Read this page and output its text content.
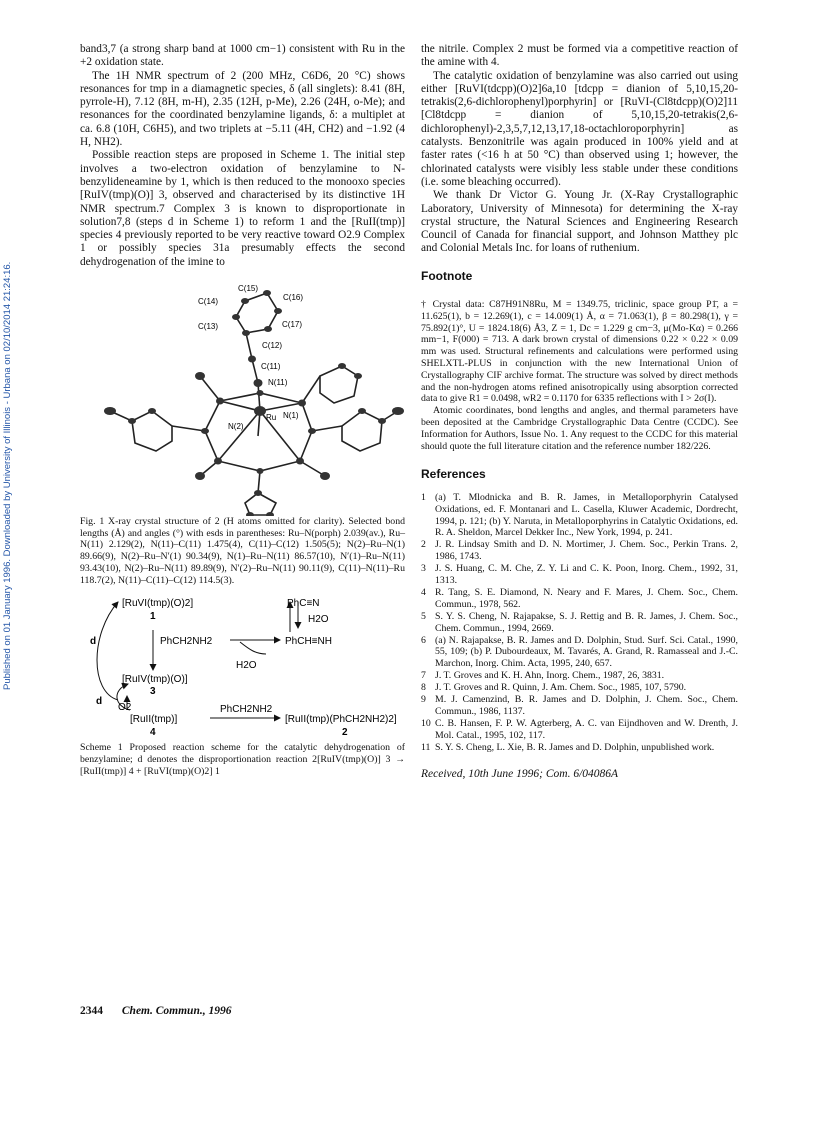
Published on 01 January 1996. Downloaded by University of Illinois - Urbana on 02/10/2014 21:24:16.

band3,7 (a strong sharp band at 1000 cm−1) consistent with Ru in the +2 oxidation state.

The 1H NMR spectrum of 2 (200 MHz, C6D6, 20 °C) shows resonances for tmp in a diamagnetic species, δ (all singlets): 8.41 (8H, pyrrole-H), 7.12 (8H, m-H), 2.35 (12H, p-Me), 2.26 (24H, o-Me); and resonances for the coordinated benzylamine ligands, δ: a multiplet at ca. 6.8 (10H, C6H5), and two triplets at −5.11 (4H, CH2) and −1.92 (4 H, NH2).

Possible reaction steps are proposed in Scheme 1. The initial step involves a two-electron oxidation of benzylamine to N-benzylideneamine by 1, which is then reduced to the monooxo species [RuIV(tmp)(O)] 3, observed and characterised by its distinctive 1H NMR spectrum.7 Complex 3 is known to disproportionate in solution7,8 (steps d in Scheme 1) to reform 1 and the [RuII(tmp)] species 4 previously reported to be very reactive toward O2.9 Complex 1 or possibly species 31a presumably effects the second dehydrogenation of the imine to

C(15)
C(14)	C(16)
C(13)	C(17)
C(12)
C(11)
N(11)
N(1)
Ru
N(2)

Fig. 1 X-ray crystal structure of 2 (H atoms omitted for clarity). Selected bond lengths (Å) and angles (°) with esds in parentheses: Ru–N(porph) 2.039(av.), Ru–N(11) 2.129(2), N(11)–C(11) 1.475(4), C(11)–C(12) 1.505(5); N(2)–Ru–N(1) 89.66(9), N(2)–Ru–N′(1) 90.34(9), N(1)–Ru–N(11) 86.57(10), N′(1)–Ru–N(11) 93.43(10), N(2)–Ru–N(11) 89.89(9), N′(2)–Ru–N(11) 90.11(9), C(11)–N(11)–Ru 118.7(2), N(11)–C(11)–C(12) 114.5(3).

[RuVI(tmp)(O)2]
1
PhCH2NH2
PhC≡N
H2O
PhCH≡NH
H2O
[RuIV(tmp)(O)]
3
d
d
O2	PhCH2NH2
[RuII(tmp)]
4
[RuII(tmp)(PhCH2NH2)2]
2

Scheme 1 Proposed reaction scheme for the catalytic dehydrogenation of benzylamine; d denotes the disproportionation reaction 2[RuIV(tmp)(O)] 3 → [RuII(tmp)] 4 + [RuVI(tmp)(O)2] 1

the nitrile. Complex 2 must be formed via a competitive reaction of the amine with 4.

The catalytic oxidation of benzylamine was also carried out using either [RuVI(tdcpp)(O)2]6a,10 [tdcpp = dianion of 5,10,15,20-tetrakis(2,6-dichlorophenyl)porphyrin] or [RuVI-(Cl8tdcpp)(O)2]11 [Cl8tdcpp = dianion of 5,10,15,20-tetrakis(2,6-dichlorophenyl)-2,3,5,7,12,13,17,18-octachloroporphyrin] as catalysts. Benzonitrile was again produced in 100% yield and at faster rates (<16 h at 50 °C) than observed using 1; however, the chlorinated catalysts were visibly less stable under these conditions (i.e. some bleaching occurred).

We thank Dr Victor G. Young Jr. (X-Ray Crystallographic Laboratory, University of Minnesota) for determining the X-ray crystal structure, the Natural Sciences and Engineering Research Council of Canada for financial support, and Johnson Matthey plc and Colonial Metals Inc. for loans of ruthenium.

Footnote

† Crystal data: C87H91N8Ru, M = 1349.75, triclinic, space group P1̄, a = 11.625(1), b = 12.269(1), c = 14.009(1) Å, α = 71.063(1), β = 80.298(1), γ = 75.892(1)°, U = 1824.18(6) Å3, Z = 1, Dc = 1.229 g cm−3, μ(Mo-Kα) = 0.266 mm−1, F(000) = 713. A dark brown crystal of dimensions 0.22 × 0.22 × 0.09 mm was used. Structural refinements and calculations were performed using SHELXTL-PLUS in conjunction with the new International Union of Crystallography CIF archive format. The structure was solved by direct methods and the non-hydrogen atoms refined anisotropically using absorption corrected data to give R1 = 0.0498, wR2 = 0.1170 for 6335 reflections with I > 2σ(I).

Atomic coordinates, bond lengths and angles, and thermal parameters have been deposited at the Cambridge Crystallographic Data Centre (CCDC). See Information for Authors, Issue No. 1. Any request to the CCDC for this material should quote the full literature citation and the reference number 182/226.

References
1 (a) T. Mlodnicka and B. R. James, in Metalloporphyrin Catalysed Oxidations, ed. F. Montanari and L. Casella, Kluwer Academic, Dordrecht, 1994, p. 121; (b) Y. Naruta, in Metalloporphyrins in Catalytic Oxidations, ed. R. A. Sheldon, Marcel Dekker Inc., New York, 1994, p. 241.
2 J. R. Lindsay Smith and D. N. Mortimer, J. Chem. Soc., Perkin Trans. 2, 1986, 1743.
3 J. S. Huang, C. M. Che, Z. Y. Li and C. K. Poon, Inorg. Chem., 1992, 31, 1313.
4 R. Tang, S. E. Diamond, N. Neary and F. Mares, J. Chem. Soc., Chem. Commun., 1978, 562.
5 S. Y. S. Cheng, N. Rajapakse, S. J. Rettig and B. R. James, J. Chem. Soc., Chem. Commun., 1994, 2669.
6 (a) N. Rajapakse, B. R. James and D. Dolphin, Stud. Surf. Sci. Catal., 1990, 55, 109; (b) P. Dubourdeaux, M. Tavarés, A. Grand, R. Ramasseal and J.-C. Marchon, Inorg. Chim. Acta, 1995, 240, 657.
7 J. T. Groves and K. H. Ahn, Inorg. Chem., 1987, 26, 3831.
8 J. T. Groves and R. Quinn, J. Am. Chem. Soc., 1985, 107, 5790.
9 M. J. Camenzind, B. R. James and D. Dolphin, J. Chem. Soc., Chem. Commun., 1986, 1137.
10 C. B. Hansen, F. P. W. Agterberg, A. C. van Eijndhoven and W. Drenth, J. Mol. Catal., 1995, 102, 117.
11 S. Y. S. Cheng, L. Xie, B. R. James and D. Dolphin, unpublished work.

Received, 10th June 1996; Com. 6/04086A

2344 Chem. Commun., 1996
